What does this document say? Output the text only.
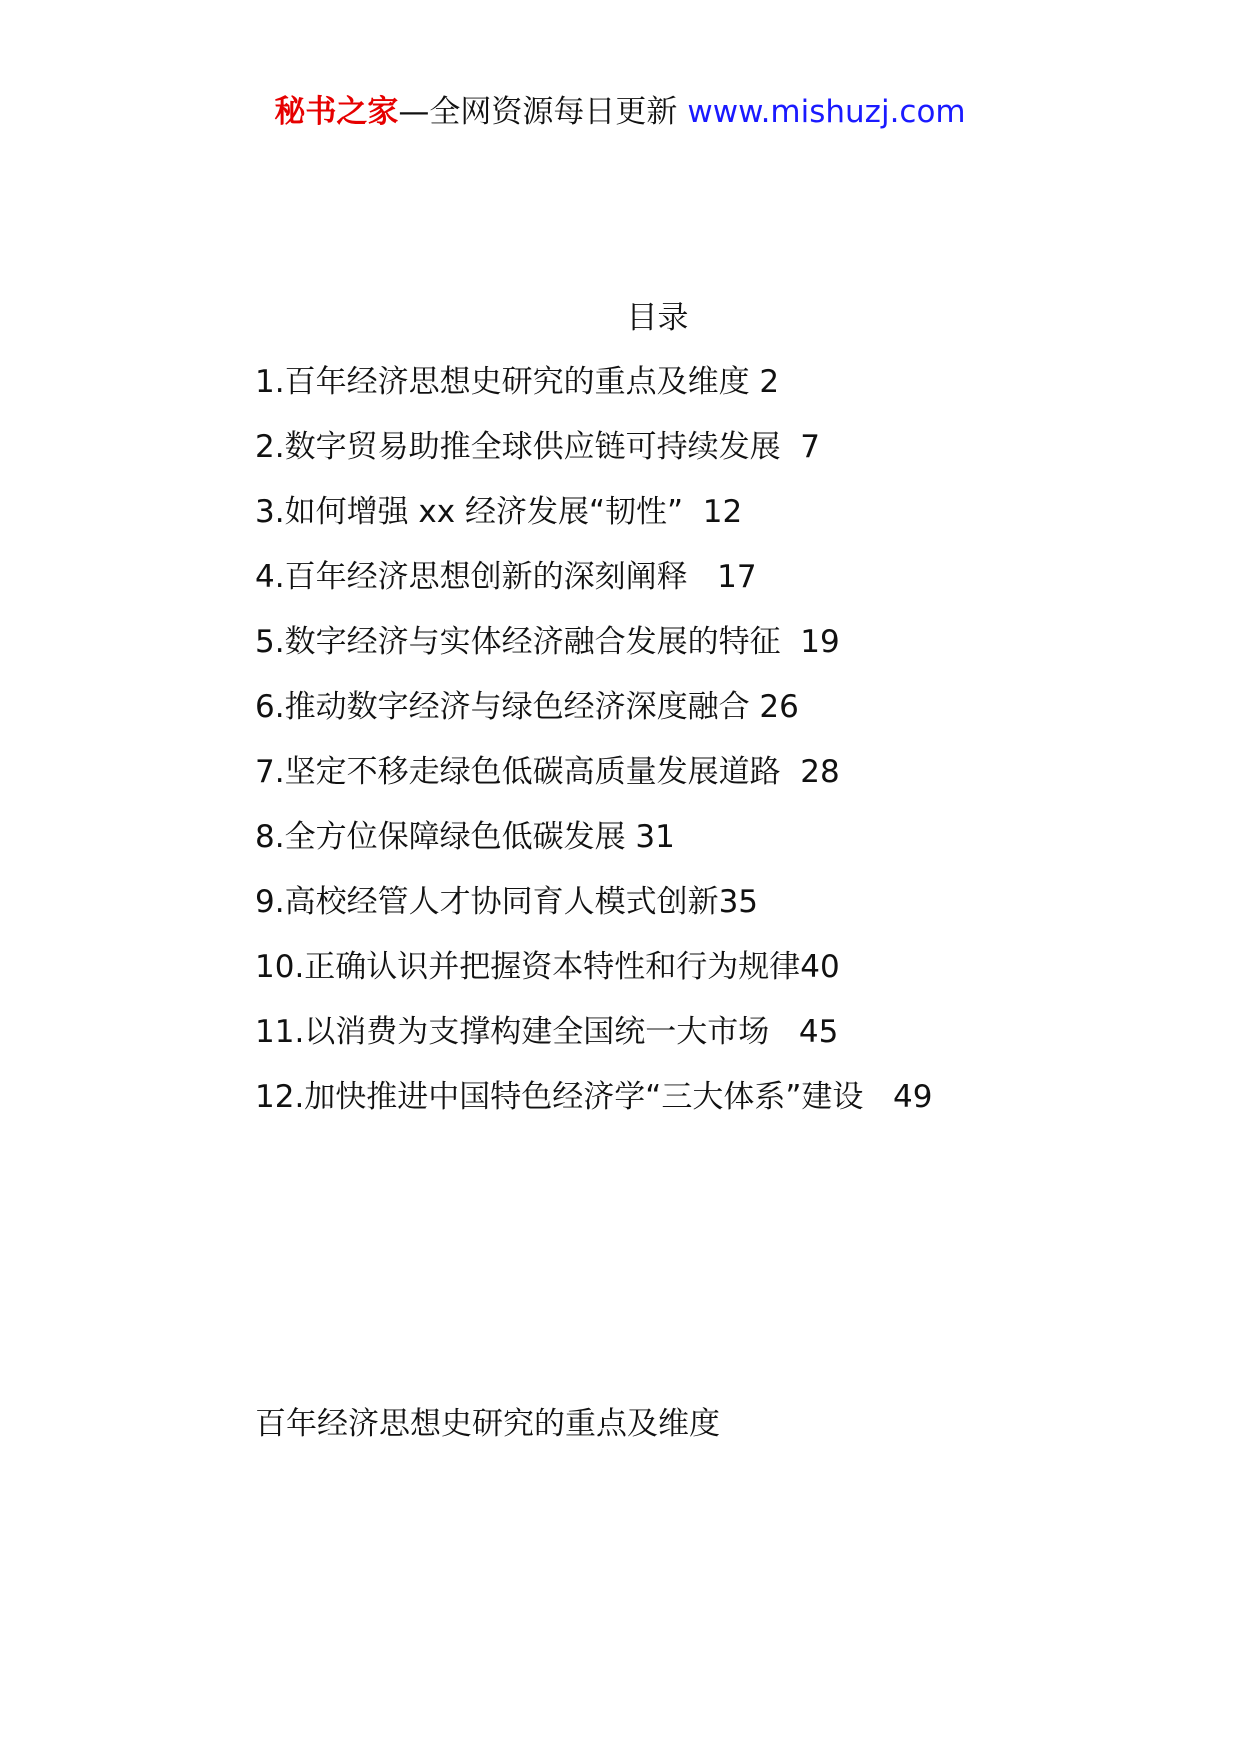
秘书之家—全网资源每日更新 www.mishuzj.com
目录
1.百年经济思想史研究的重点及维度 2
2.数字贸易助推全球供应链可持续发展  7
3.如何增强 xx 经济发展“韧性”  12
4.百年经济思想创新的深刻阐释   17
5.数字经济与实体经济融合发展的特征  19
6.推动数字经济与绿色经济深度融合 26
7.坚定不移走绿色低碳高质量发展道路  28
8.全方位保障绿色低碳发展 31
9.高校经管人才协同育人模式创新35
10.正确认识并把握资本特性和行为规律40
11.以消费为支撑构建全国统一大市场   45
12.加快推进中国特色经济学“三大体系”建设   49
百年经济思想史研究的重点及维度
